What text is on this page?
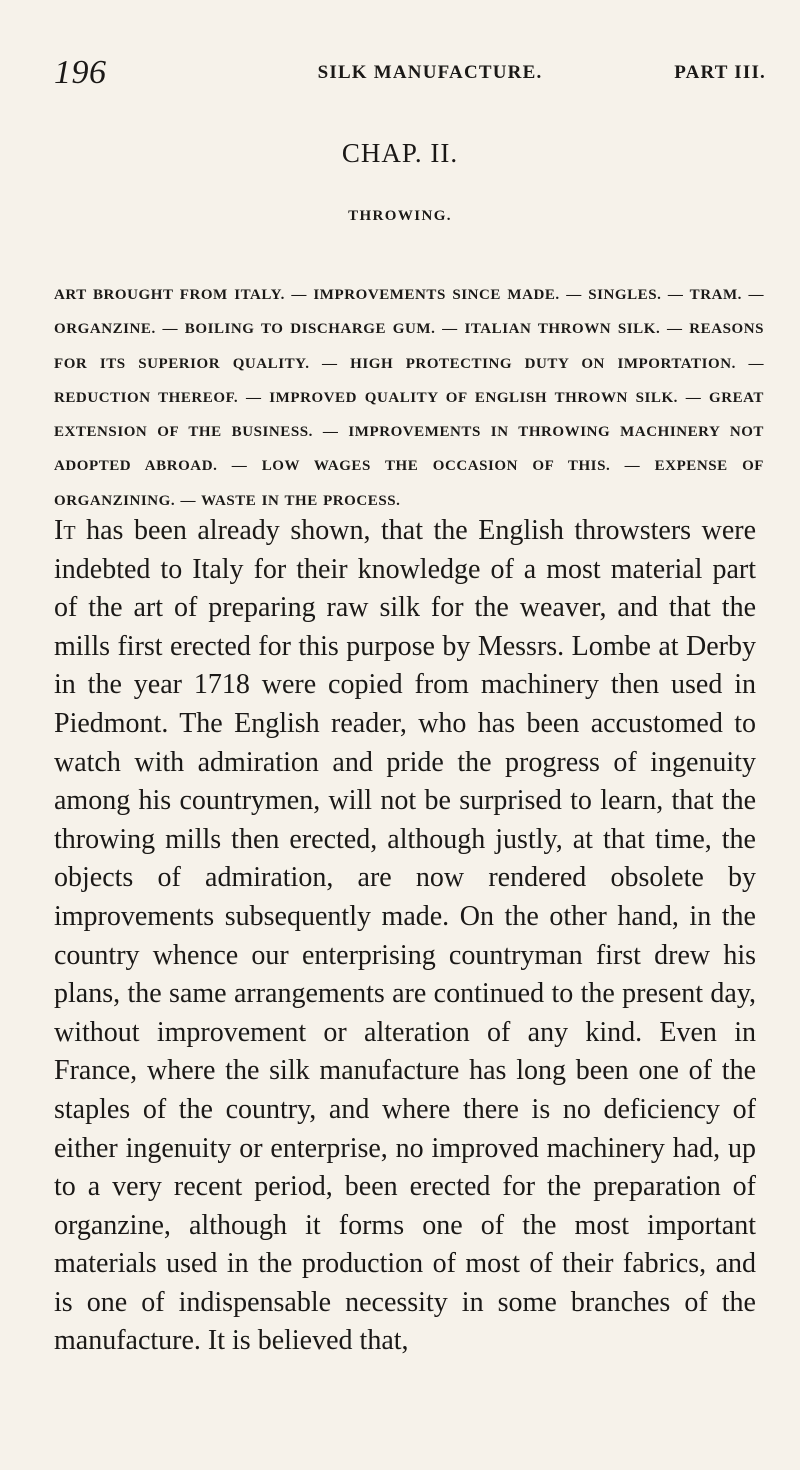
196	SILK MANUFACTURE.	PART III.
CHAP. II.
THROWING.
ART BROUGHT FROM ITALY. — IMPROVEMENTS SINCE MADE. — SINGLES. — TRAM. — ORGANZINE. — BOILING TO DISCHARGE GUM. — ITALIAN THROWN SILK. — REASONS FOR ITS SUPERIOR QUALITY. — HIGH PROTECTING DUTY ON IMPORTATION. — REDUCTION THEREOF. — IMPROVED QUALITY OF ENGLISH THROWN SILK. — GREAT EXTENSION OF THE BUSINESS. — IMPROVEMENTS IN THROWING MACHINERY NOT ADOPTED ABROAD. — LOW WAGES THE OCCASION OF THIS. — EXPENSE OF ORGANZINING. — WASTE IN THE PROCESS.
It has been already shown, that the English throwsters were indebted to Italy for their knowledge of a most material part of the art of preparing raw silk for the weaver, and that the mills first erected for this purpose by Messrs. Lombe at Derby in the year 1718 were copied from machinery then used in Piedmont. The English reader, who has been accustomed to watch with admiration and pride the progress of ingenuity among his countrymen, will not be surprised to learn, that the throwing mills then erected, although justly, at that time, the objects of admiration, are now rendered obsolete by improvements subsequently made. On the other hand, in the country whence our enterprising countryman first drew his plans, the same arrangements are continued to the present day, without improvement or alteration of any kind. Even in France, where the silk manufacture has long been one of the staples of the country, and where there is no deficiency of either ingenuity or enterprise, no improved machinery had, up to a very recent period, been erected for the preparation of organzine, although it forms one of the most important materials used in the production of most of their fabrics, and is one of indispensable necessity in some branches of the manufacture. It is believed that,
